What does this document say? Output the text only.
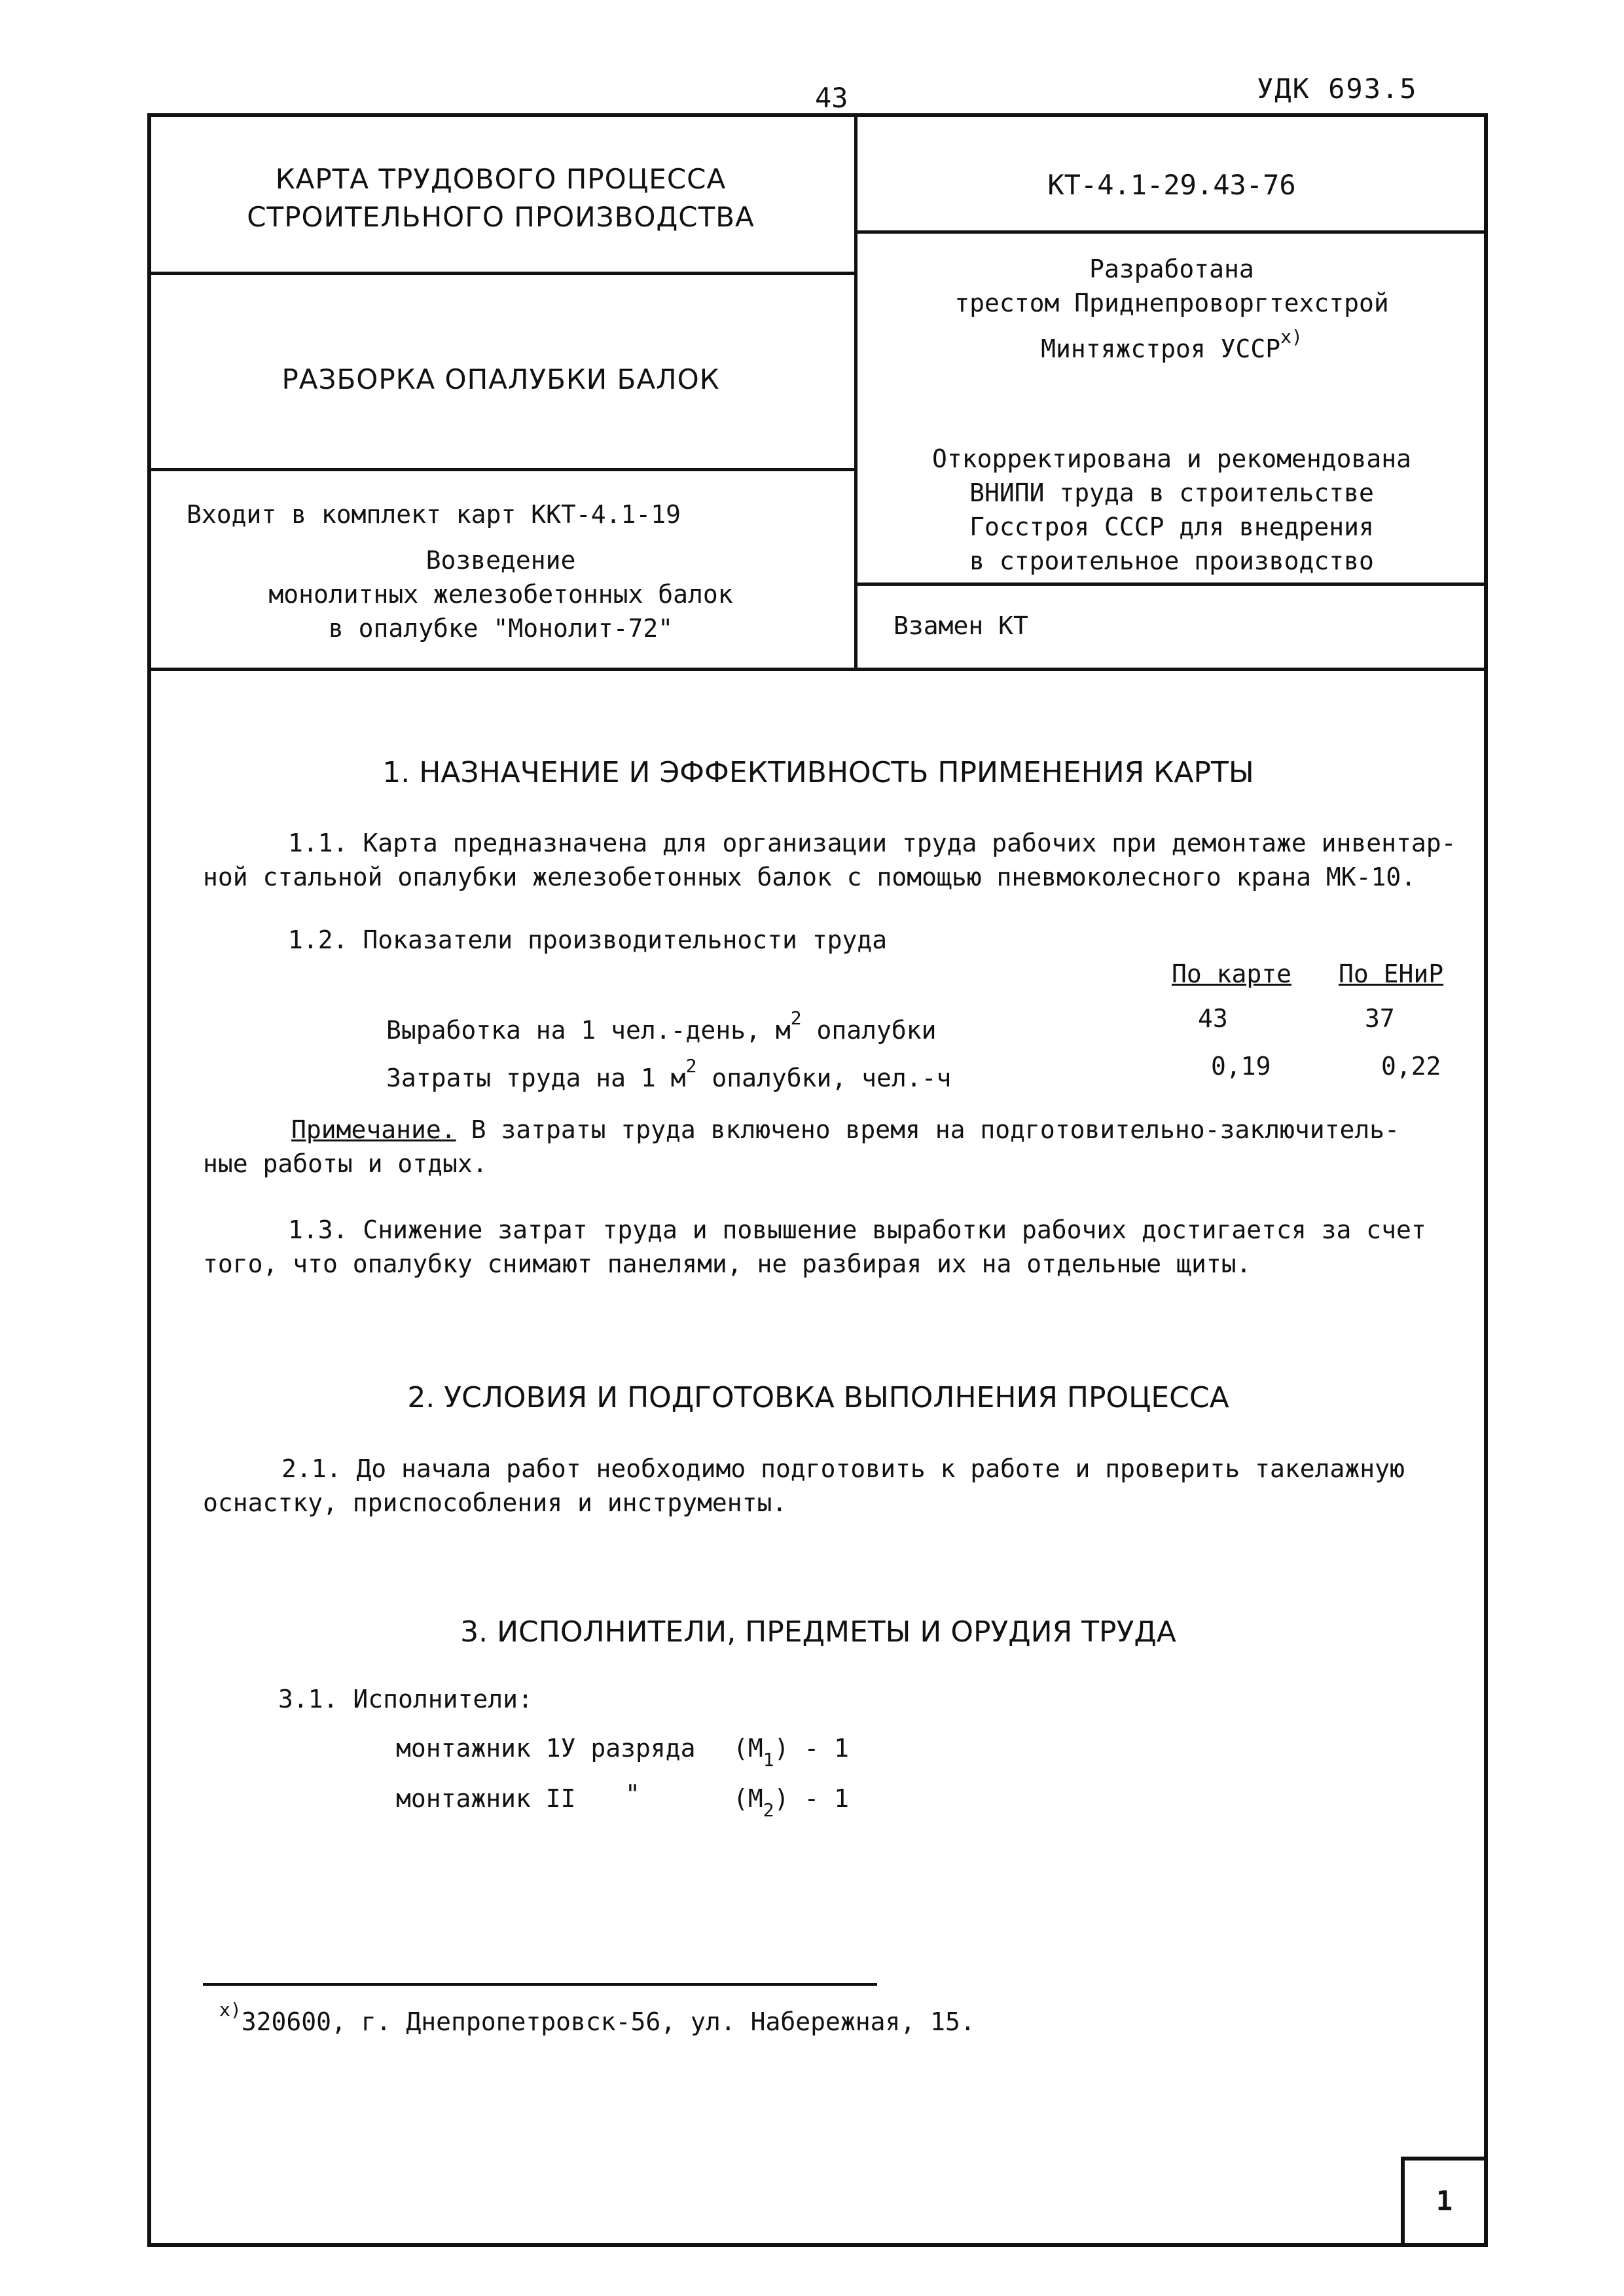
43	УДК 693.5
КАРТА ТРУДОВОГО ПРОЦЕССА
СТРОИТЕЛЬНОГО ПРОИЗВОДСТВА
КТ-4.1-29.43-76
РАЗБОРКА ОПАЛУБКИ БАЛОК
Разработана
трестом Приднепроворгтехстрой
Минтяжстроя $УССР^{х)}$
Откорректирована и рекомендована
ВНИПИ труда в строительстве
Госстроя СССР для внедрения
в строительное производство
Входит в комплект карт ККТ-4.1-19
Возведение
монолитных железобетонных балок
в опалубке "Монолит-72"	Взамен КТ
1. НАЗНАЧЕНИЕ И ЭФФЕКТИВНОСТЬ ПРИМЕНЕНИЯ КАРТЫ
1.1. Карта предназначена для организации труда рабочих при демонтаже инвентар-
ной стальной опалубки железобетонных балок с помощью пневмоколесного крана МК-10.
1.2. Показатели производительности труда
По карте По ЕНиР
Выработка на 1 чел.-день, $м^2$ опалубки	43	37
Затраты труда на 1 $м^2$ опалубки, чел.-ч	0,19	0,22
Примечание. В затраты труда включено время на подготовительно-заключитель-
ные работы и отдых.
1.3. Снижение затрат труда и повышение выработки рабочих достигается за счет
того, что опалубку снимают панелями, не разбирая их на отдельные щиты.
2. УСЛОВИЯ И ПОДГОТОВКА ВЫПОЛНЕНИЯ ПРОЦЕССА
2.1. До начала работ необходимо подготовить к работе и проверить такелажную
оснастку, приспособления и инструменты.
3. ИСПОЛНИТЕЛИ, ПРЕДМЕТЫ И ОРУДИЯ ТРУДА
3.1. Исполнители:
монтажник 1У разряда $(М_1) - 1$
монтажник II "	$(М_2) - 1$
$^{х)}$320600, г. Днепропетровск-56, ул. Набережная, 15.
1
